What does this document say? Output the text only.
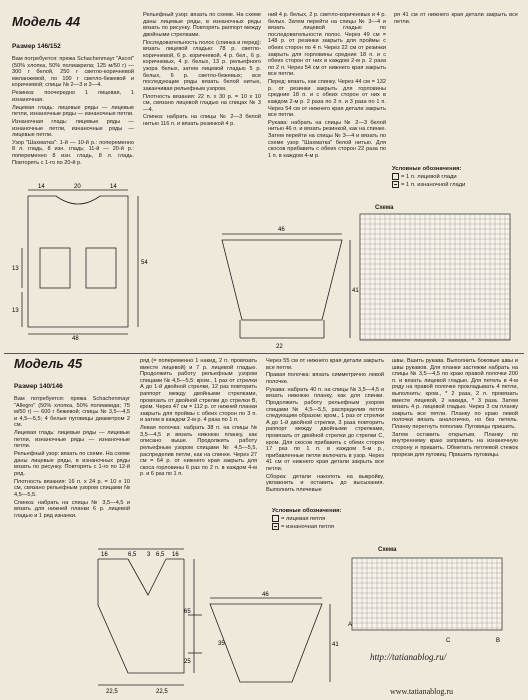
Модель 44
Размер 146/152

Вам потребуется: пряжа Schachenmayr "Ascot" (50% хлопка, 50% полиакрила; 125 м/50 г) — 300 г белой, 250 г светло-коричневой меланжевой, по 100 г светло-бежевой и коричневой; спицы № 2—3 и 3—4.

Резинка: поочередно 1 лицевая, 1 изнаночная.

Лицевая гладь: лицевые ряды — лицевые петли, изнаночные ряды — изнаночные петли.

Изнаночная гладь: лицевые ряды — изнаночные петли, изнаночные ряды — лицевые петли.

Узор "Шахматка": 1-й — 10-й р.: попеременно 8 л. гладь, 8 изн. гладь; 11-й — 20-й р.: попеременно 8 изн. гладь, 8 л. гладь. Повторять с 1-го по 20-й р.

Рельефный узор: вязать по схеме. На схеме даны лицевые ряды, в изнаночных ряды вязать по рисунку. Повторять раппорт между двойными стрелками.

Последовательность полос (спинка и перед): вязать лицевой гладью: 78 р. светло-коричневой, 6 р. коричневой, 4 р. бел., 6 р. коричневых, 4 р. белых, 13 р. рельефного узора белых, затем лицевой гладью 5 р. белых, 6 р. светло-бежевых; все последующие ряды вязать белой нитью, заканчивая рельефным узором.

Плотность вязания: 22 п. х 30 р. = 10 х 10 см, связано лицевой гладью на спицах № 3—4.

Спинка: набрать на спицы № 2—3 белой нитью 116 п. и вязать резинкой 4 р.

ний 4 р. белых, 2 р. светло-коричневых и 4 р. белых. Затем перейти на спицы № 3—4 и вязать лицевой гладью по последовательности полос. Через 49 см = 148 р. от резинки закрыть для проймы с обеих сторон по 4 п. Через 22 см от резинки закрыть для горловины средние 18 п. и с обеих сторон от них в каждом 2-м р. 2 раза по 2 п. Через 54 см от нижнего края закрыть все петли.

Перед: вязать, как спинку. Через 44 см = 132 р. от резинки закрыть для горловины средние 18 п. и с обеих сторон от них в каждом 2-м р. 2 раза по 2 п. и 3 раза по 1 п. Через 54 см от нижнего края детали закрыть все петли.

Рукава: набрать на спицы № 2—3 белой нитью 46 п. и вязать резинкой, как на спинке. Затем перейти на спицы № 3—4 и вязать по схеме узор "Шахматка" белой нитью. Для скосов прибавить с обеих сторон 22 раза по 1 п. в каждом 4-м р.

ря 41 см от нижнего края детали закрыть все петли.

Условные обозначения:
= 1 п. лицевой глади
= 1 п. изнаночной глади
14	20	14
13
13
54
48
46
41
22
Схема
Модель 45
Размер 140/146

Вам потребуется: пряжа Schachenmayr "Allegro" (50% хлопка, 50% полиамида; 75 м/50 г) — 600 г бежевой; спицы № 3,5—4,5 и 4,5—5,5; 4 белые пуговицы диаметром 2 см.

Лицевая гладь: лицевые ряды — лицевые петли, изнаночные ряды — изнаночные петли.

Рельефный узор: вязать по схеме. На схеме даны лицевые ряды, в изнаночных ряды вязать по рисунку. Повторять с 1-го по 12-й ряд.

Плотность вязания: 16 п. х 24 р. = 10 х 10 см, связано рельефным узором спицами № 4,5—5,5.

Спинка: набрать на спицы № 3,5—4,5 и вязать для нижней планки 6 р. лицевой гладью и 1 ряд изнанки.

ряд (= попеременно 1 накид, 2 п. провязать вместе лицевой) и 7 р. лицевой гладью. Продолжить работу рельефным узором спицами № 4,5—5,5: кром., 1 раз от стрелки А до 1-й двойной стрелки, 12 раз повторить раппорт между двойными стрелками, провязать от двойной стрелки до стрелки B, кром. Через 47 см = 112 р. от нижней планки закрыть для проймы с обеих сторон по 3 п. и затем в каждом 2-м р. 4 раза по 1 п.

Левая полочка: набрать 38 п. на спицы № 3,5—4,5 и вязать нижнюю планку, как описано выше. Продолжить работу рельефным узором спицами № 4,5—5,5, распределив петли, как на спинке. Через 27 см = 64 р. от нижнего края закрыть для скоса горловины 6 раз по 2 п. в каждом 4-м р. и 6 раз по 1 п.

Через 55 см от нижнего края детали закрыть все петли.

Правая полочка: вязать симметрично левой полочке.

Рукава: набрать 40 п. на спицы № 3,5—4,5 и вязать нижнюю планку, как для спинки. Продолжить работу рельефным узором спицами № 4,5—5,5, распределив петли следующим образом: кром., 1 раз от стрелки A до 1-й двойной стрелки, 3 раза повторить раппорт между двойными стрелками, провязать от двойной стрелки до стрелки C, кром. Для скосов прибавить с обеих сторон 17 раз по 1 п. в каждом 5-м р., прибавленные петли включать в узор. Через 41 см от нижнего края детали закрыть все петли.

Сборка: детали наколоть на выкройку, увлажнить и оставить до высыхания. Выполнить плечевые

швы. Вшить рукава. Выполнить боковые швы и швы рукавов. Для планки застежки набрать на спицы № 3,5—4,5 по краю правой полочки 200 п. и вязать лицевой гладью. Для петель в 4-м ряду на правой полочке прокладывать 4 петли, выполнить: кром., * 2 раза, 2 п. провязать вместе лицевой, 2 накида, * 3 раза. Затем вязать 4 р. лицевой гладью. Через 3 см планку закрыть все петли. Планку по краю левой полочки вязать аналогично, но без петель. Планку перегнуть пополам. Пуговицы пришить.

Затем оставить открытым. Планку по внутреннему краю заправить на изнаночную сторону и пришить. Обметать петлевой стежок прорези для пуговиц. Пришить пуговицы.

Условные обозначения:
= лицевая петля
= изнаночная петля
16	6,5 3 6,5 16
65
35
25
22,5	22,5
46
41
Схема
A
B
C
http://tatianablog.ru/
www.tatianablog.ru
